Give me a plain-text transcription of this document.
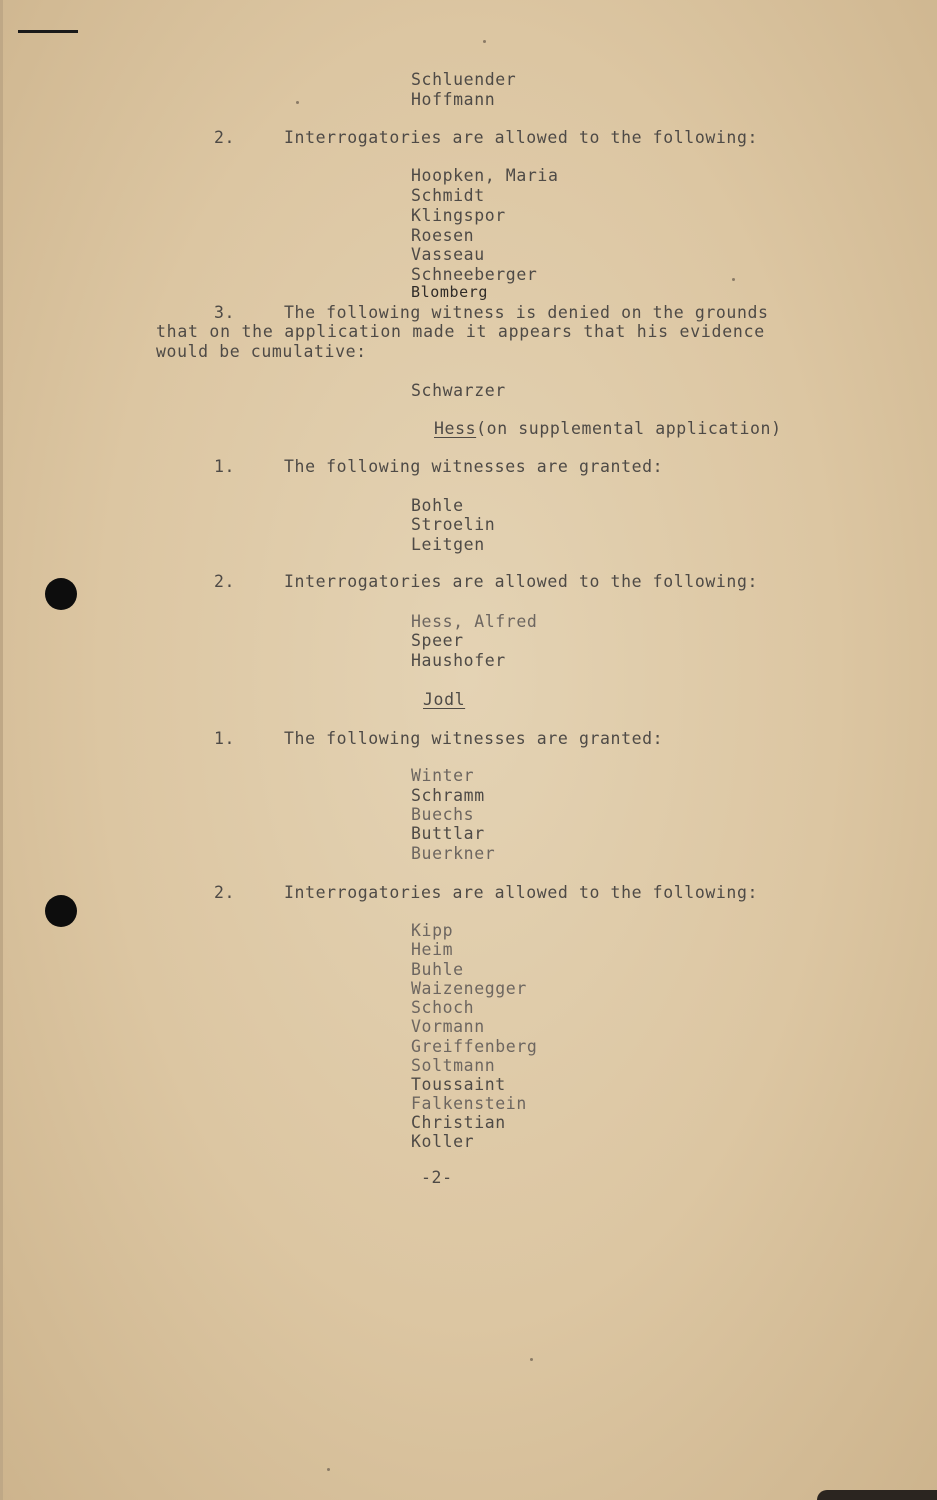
Schluender
Hoffmann
2.	Interrogatories are allowed to the following:
Hoopken, Maria
Schmidt
Klingspor
Roesen
Vasseau
Schneeberger
Blomberg
3.	The following witness is denied on the grounds
that on the application made it appears that his evidence
would be cumulative:
Schwarzer
Hess(on supplemental application)
1.	The following witnesses are granted:
Bohle
Stroelin
Leitgen
2.	Interrogatories are allowed to the following:
Hess, Alfred
Speer
Haushofer
Jodl
1.	The following witnesses are granted:
Winter
Schramm
Buechs
Buttlar
Buerkner
2.	Interrogatories are allowed to the following:
Kipp
Heim
Buhle
Waizenegger
Schoch
Vormann
Greiffenberg
Soltmann
Toussaint
Falkenstein
Christian
Koller
-2-
